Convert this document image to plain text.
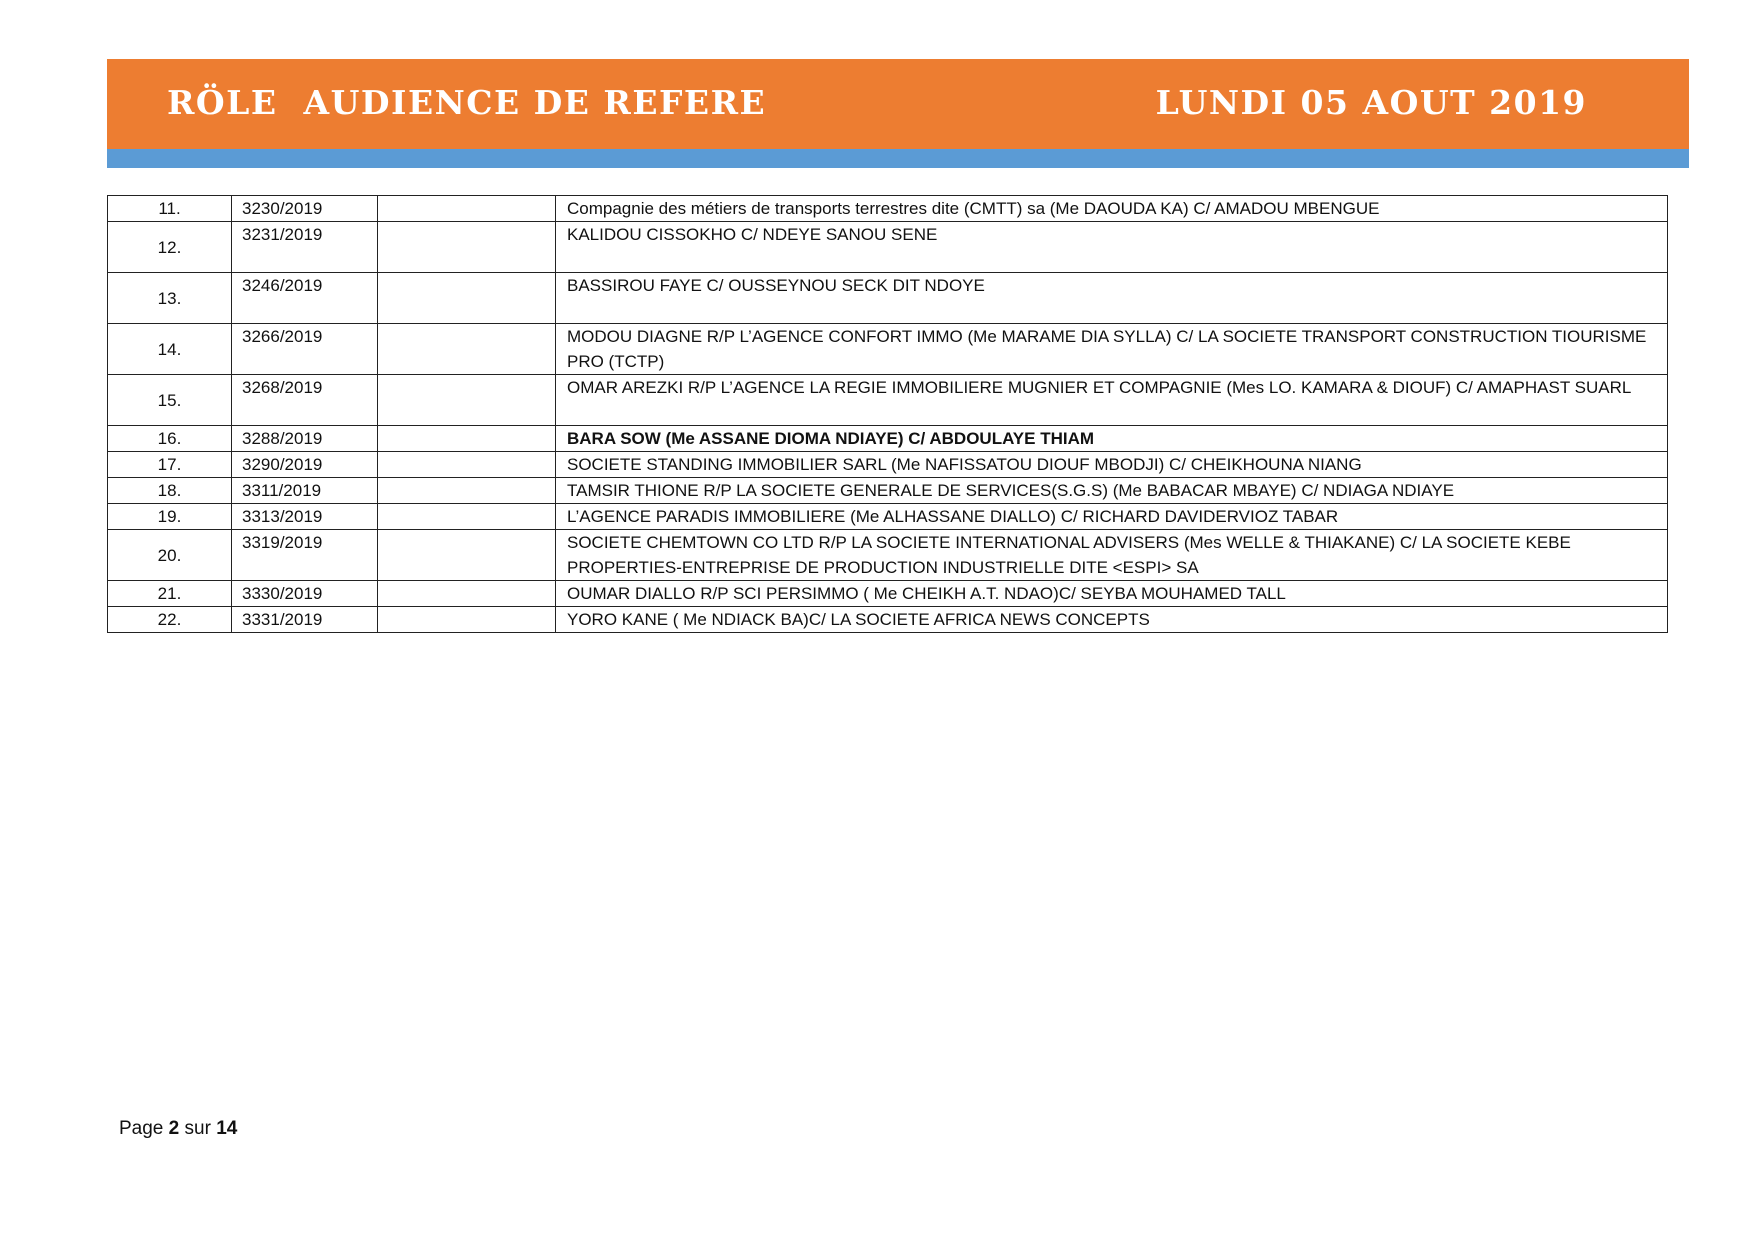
RÖLE  AUDIENCE DE REFERE	LUNDI 05 AOUT 2019
11.	3230/2019		Compagnie des métiers de transports terrestres dite (CMTT) sa (Me DAOUDA KA) C/ AMADOU MBENGUE
12.	3231/2019		KALIDOU CISSOKHO C/ NDEYE SANOU SENE
13.	3246/2019		BASSIROU FAYE C/ OUSSEYNOU SECK DIT NDOYE
14.	3266/2019		MODOU DIAGNE R/P L’AGENCE CONFORT IMMO (Me MARAME DIA SYLLA) C/ LA SOCIETE TRANSPORT CONSTRUCTION TIOURISME PRO (TCTP)
15.	3268/2019		OMAR AREZKI R/P L’AGENCE LA REGIE IMMOBILIERE MUGNIER ET COMPAGNIE (Mes LO. KAMARA & DIOUF) C/ AMAPHAST SUARL
16.	3288/2019		BARA SOW (Me ASSANE DIOMA NDIAYE) C/ ABDOULAYE THIAM
17.	3290/2019		SOCIETE STANDING IMMOBILIER SARL (Me NAFISSATOU DIOUF MBODJI) C/ CHEIKHOUNA NIANG
18.	3311/2019		TAMSIR THIONE R/P LA SOCIETE GENERALE DE SERVICES(S.G.S) (Me BABACAR MBAYE) C/ NDIAGA NDIAYE
19.	3313/2019		L’AGENCE PARADIS IMMOBILIERE (Me ALHASSANE DIALLO) C/ RICHARD DAVIDERVIOZ TABAR
20.	3319/2019		SOCIETE CHEMTOWN CO LTD R/P LA SOCIETE INTERNATIONAL ADVISERS (Mes WELLE & THIAKANE) C/ LA SOCIETE KEBE PROPERTIES-ENTREPRISE DE PRODUCTION INDUSTRIELLE DITE <ESPI> SA
21.	3330/2019		OUMAR DIALLO R/P SCI PERSIMMO ( Me CHEIKH A.T. NDAO)C/ SEYBA MOUHAMED TALL
22.	3331/2019		YORO KANE ( Me NDIACK BA)C/ LA SOCIETE AFRICA NEWS CONCEPTS
Page 2 sur 14
